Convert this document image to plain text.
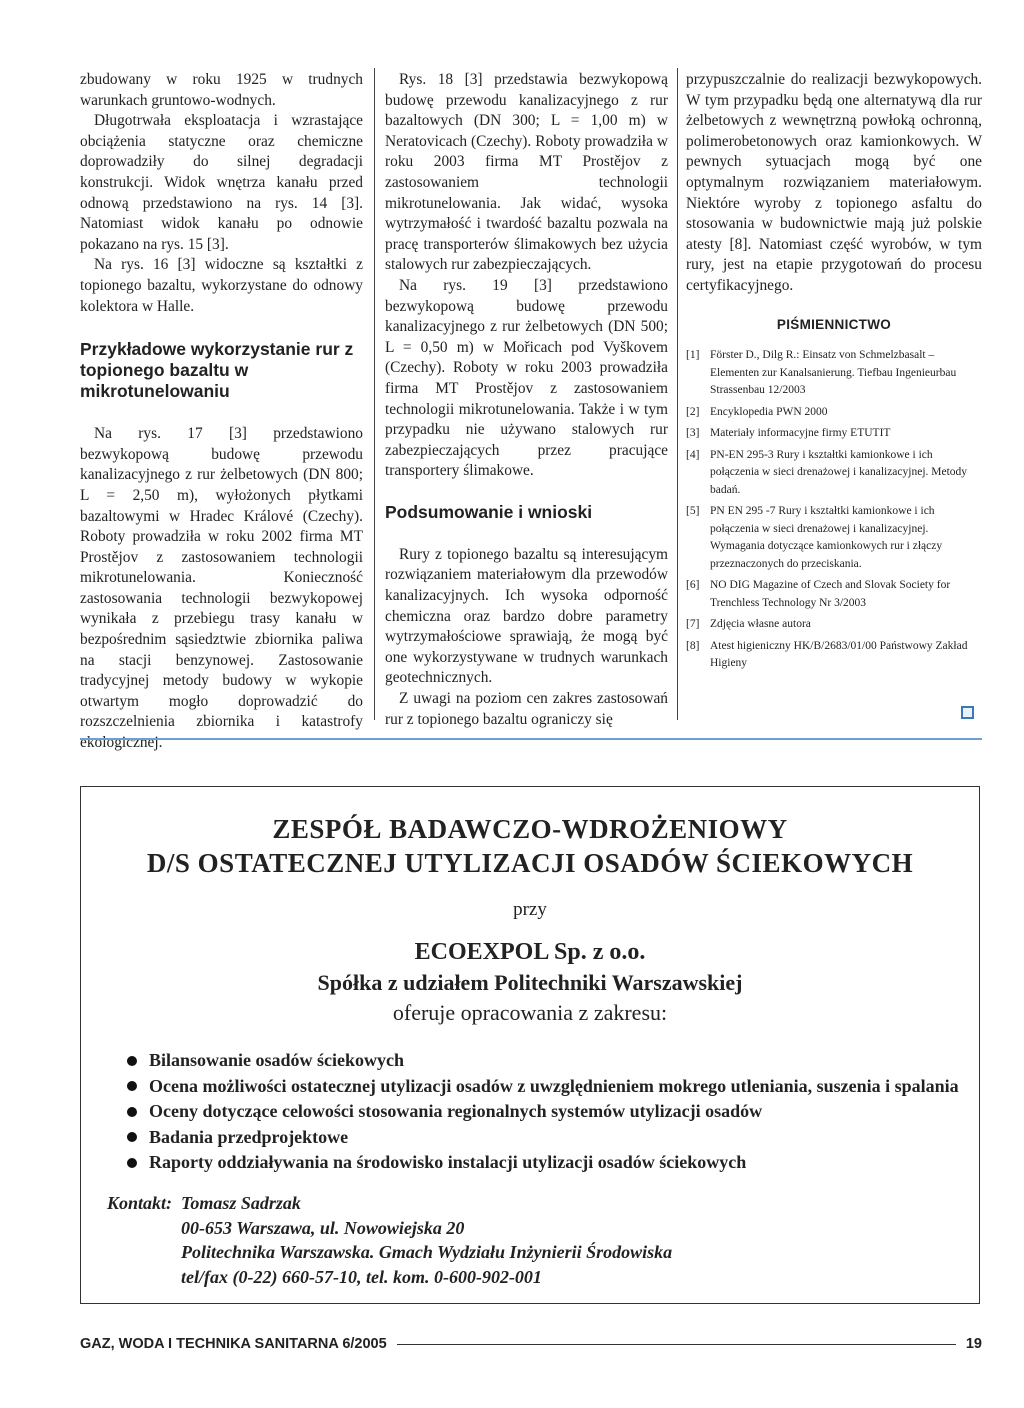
zbudowany w roku 1925 w trudnych warunkach gruntowo-wodnych.

Długotrwała eksploatacja i wzrastające obciążenia statyczne oraz chemiczne doprowadziły do silnej degradacji konstrukcji. Widok wnętrza kanału przed odnową przedstawiono na rys. 14 [3]. Natomiast widok kanału po odnowie pokazano na rys. 15 [3].

Na rys. 16 [3] widoczne są kształtki z topionego bazaltu, wykorzystane do odnowy kolektora w Halle.

Przykładowe wykorzystanie rur z topionego bazaltu w mikrotunelowaniu

Na rys. 17 [3] przedstawiono bezwykopową budowę przewodu kanalizacyjnego z rur żelbetowych (DN 800; L = 2,50 m), wyłożonych płytkami bazaltowymi w Hradec Králové (Czechy). Roboty prowadziła w roku 2002 firma MT Prostějov z zastosowaniem technologii mikrotunelowania. Konieczność zastosowania technologii bezwykopowej wynikała z przebiegu trasy kanału w bezpośrednim sąsiedztwie zbiornika paliwa na stacji benzynowej. Zastosowanie tradycyjnej metody budowy w wykopie otwartym mogło doprowadzić do rozszczelnienia zbiornika i katastrofy ekologicznej.

Rys. 18 [3] przedstawia bezwykopową budowę przewodu kanalizacyjnego z rur bazaltowych (DN 300; L = 1,00 m) w Neratovicach (Czechy). Roboty prowadziła w roku 2003 firma MT Prostějov z zastosowaniem technologii mikrotunelowania. Jak widać, wysoka wytrzymałość i twardość bazaltu pozwala na pracę transporterów ślimakowych bez użycia stalowych rur zabezpieczających.

Na rys. 19 [3] przedstawiono bezwykopową budowę przewodu kanalizacyjnego z rur żelbetowych (DN 500; L = 0,50 m) w Mořicach pod Vyškovem (Czechy). Roboty w roku 2003 prowadziła firma MT Prostějov z zastosowaniem technologii mikrotunelowania. Także i w tym przypadku nie używano stalowych rur zabezpieczających przez pracujące transportery ślimakowe.

Podsumowanie i wnioski

Rury z topionego bazaltu są interesującym rozwiązaniem materiałowym dla przewodów kanalizacyjnych. Ich wysoka odporność chemiczna oraz bardzo dobre parametry wytrzymałościowe sprawiają, że mogą być one wykorzystywane w trudnych warunkach geotechnicznych.

Z uwagi na poziom cen zakres zastosowań rur z topionego bazaltu ograniczy się

przypuszczalnie do realizacji bezwykopowych. W tym przypadku będą one alternatywą dla rur żelbetowych z wewnętrzną powłoką ochronną, polimerobetonowych oraz kamionkowych. W pewnych sytuacjach mogą być one optymalnym rozwiązaniem materiałowym. Niektóre wyroby z topionego asfaltu do stosowania w budownictwie mają już polskie atesty [8]. Natomiast część wyrobów, w tym rury, jest na etapie przygotowań do procesu certyfikacyjnego.

PIŚMIENNICTWO
[1] Förster D., Dilg R.: Einsatz von Schmelzbasalt – Elementen zur Kanalsanierung. Tiefbau Ingenieurbau Strassenbau 12/2003
[2] Encyklopedia PWN 2000
[3] Materiały informacyjne firmy ETUTIT
[4] PN-EN 295-3 Rury i kształtki kamionkowe i ich połączenia w sieci drenażowej i kanalizacyjnej. Metody badań.
[5] PN EN 295 -7 Rury i kształtki kamionkowe i ich połączenia w sieci drenażowej i kanalizacyjnej. Wymagania dotyczące kamionkowych rur i złączy przeznaczonych do przeciskania.
[6] NO DIG Magazine of Czech and Slovak Society for Trenchless Technology Nr 3/2003
[7] Zdjęcia własne autora
[8] Atest higieniczny HK/B/2683/01/00 Państwowy Zakład Higieny
ZESPÓŁ BADAWCZO-WDROŻENIOWY
D/S OSTATECZNEJ UTYLIZACJI OSADÓW ŚCIEKOWYCH
przy
ECOEXPOL Sp. z o.o.
Spółka z udziałem Politechniki Warszawskiej
oferuje opracowania z zakresu:
Bilansowanie osadów ściekowych
Ocena możliwości ostatecznej utylizacji osadów z uwzględnieniem mokrego utleniania, suszenia i spalania
Oceny dotyczące celowości stosowania regionalnych systemów utylizacji osadów
Badania przedprojektowe
Raporty oddziaływania na środowisko instalacji utylizacji osadów ściekowych
Kontakt: Tomasz Sadrzak
00-653 Warszawa, ul. Nowowiejska 20
Politechnika Warszawska. Gmach Wydziału Inżynierii Środowiska
tel/fax (0-22) 660-57-10, tel. kom. 0-600-902-001
GAZ, WODA I TECHNIKA SANITARNA 6/2005	19
